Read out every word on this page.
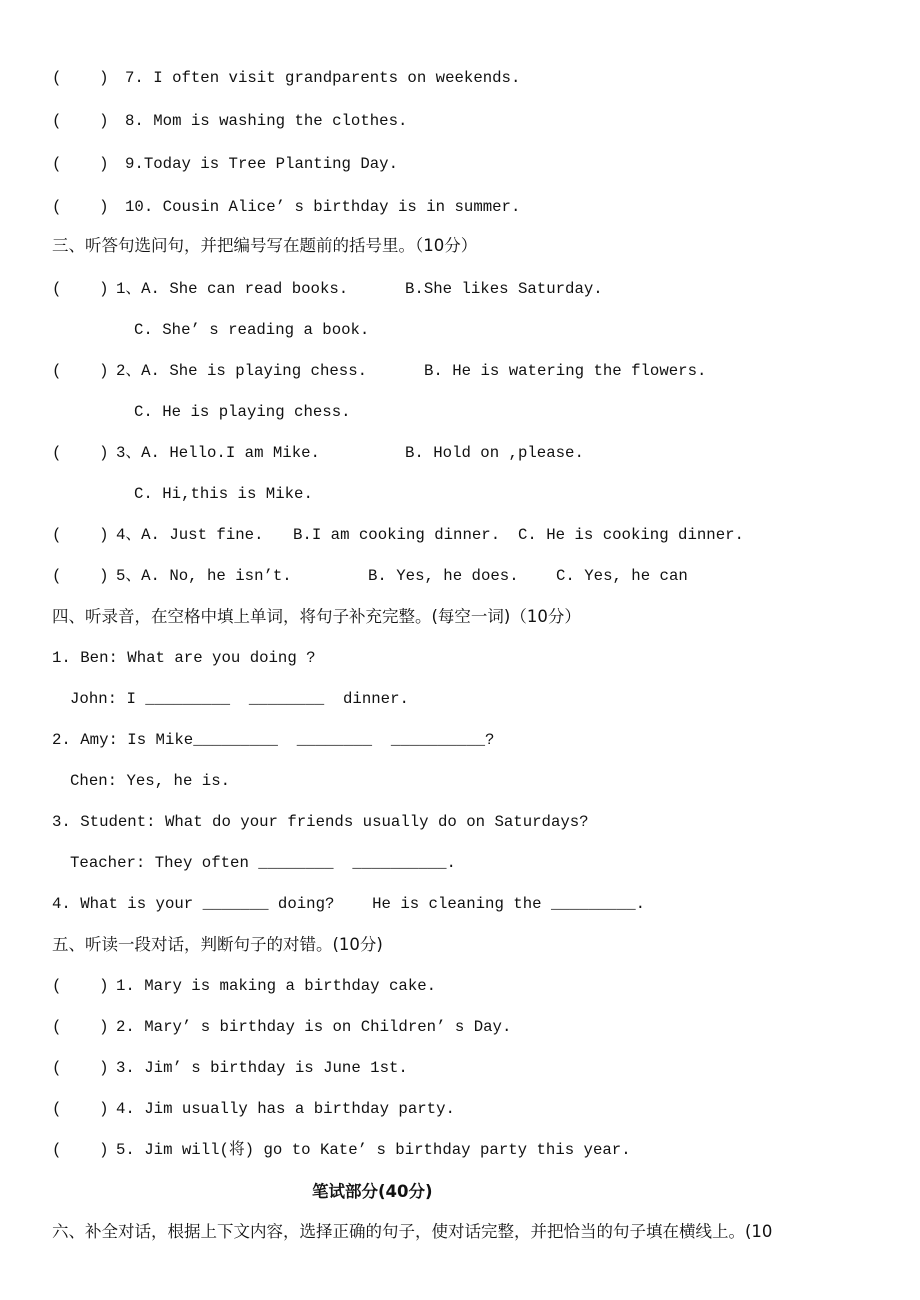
(    ) 7. I often visit grandparents on weekends.
(    ) 8. Mom is washing the clothes.
(    ) 9.Today is Tree Planting Day.
(    ) 10. Cousin Alice’ s birthday is in summer.
三、听答句选问句，并把编号写在题前的括号里。（10分）
(    ) 1、A. She can read books.	B.She likes Saturday.
C. She’ s reading a book.
(    ) 2、A. She is playing chess.	B. He is watering the flowers.
C. He is playing chess.
(    ) 3、A. Hello.I am Mike.	B. Hold on ,please.
C. Hi,this is Mike.
(    ) 4、A. Just fine. B.I am cooking dinner. C. He is cooking dinner.
(    ) 5、A. No, he isn’t.	B. Yes, he does. C. Yes, he can
四、听录音，在空格中填上单词，将句子补充完整。(每空一词)（10分）
1. Ben: What are you doing ?
John: I _________  ________  dinner.
2. Amy: Is Mike_________  ________  __________?
Chen: Yes, he is.
3. Student: What do your friends usually do on Saturdays?
Teacher: They often ________  __________.
4. What is your _______ doing?    He is cleaning the _________.
五、听读一段对话，判断句子的对错。(10分)
(    ) 1. Mary is making a birthday cake.
(    ) 2. Mary’ s birthday is on Children’ s Day.
(    ) 3. Jim’ s birthday is June 1st.
(    ) 4. Jim usually has a birthday party.
(    ) 5. Jim will(将) go to Kate’ s birthday party this year.
笔试部分(40分)
六、补全对话，根据上下文内容，选择正确的句子，使对话完整，并把恰当的句子填在横线上。(10
